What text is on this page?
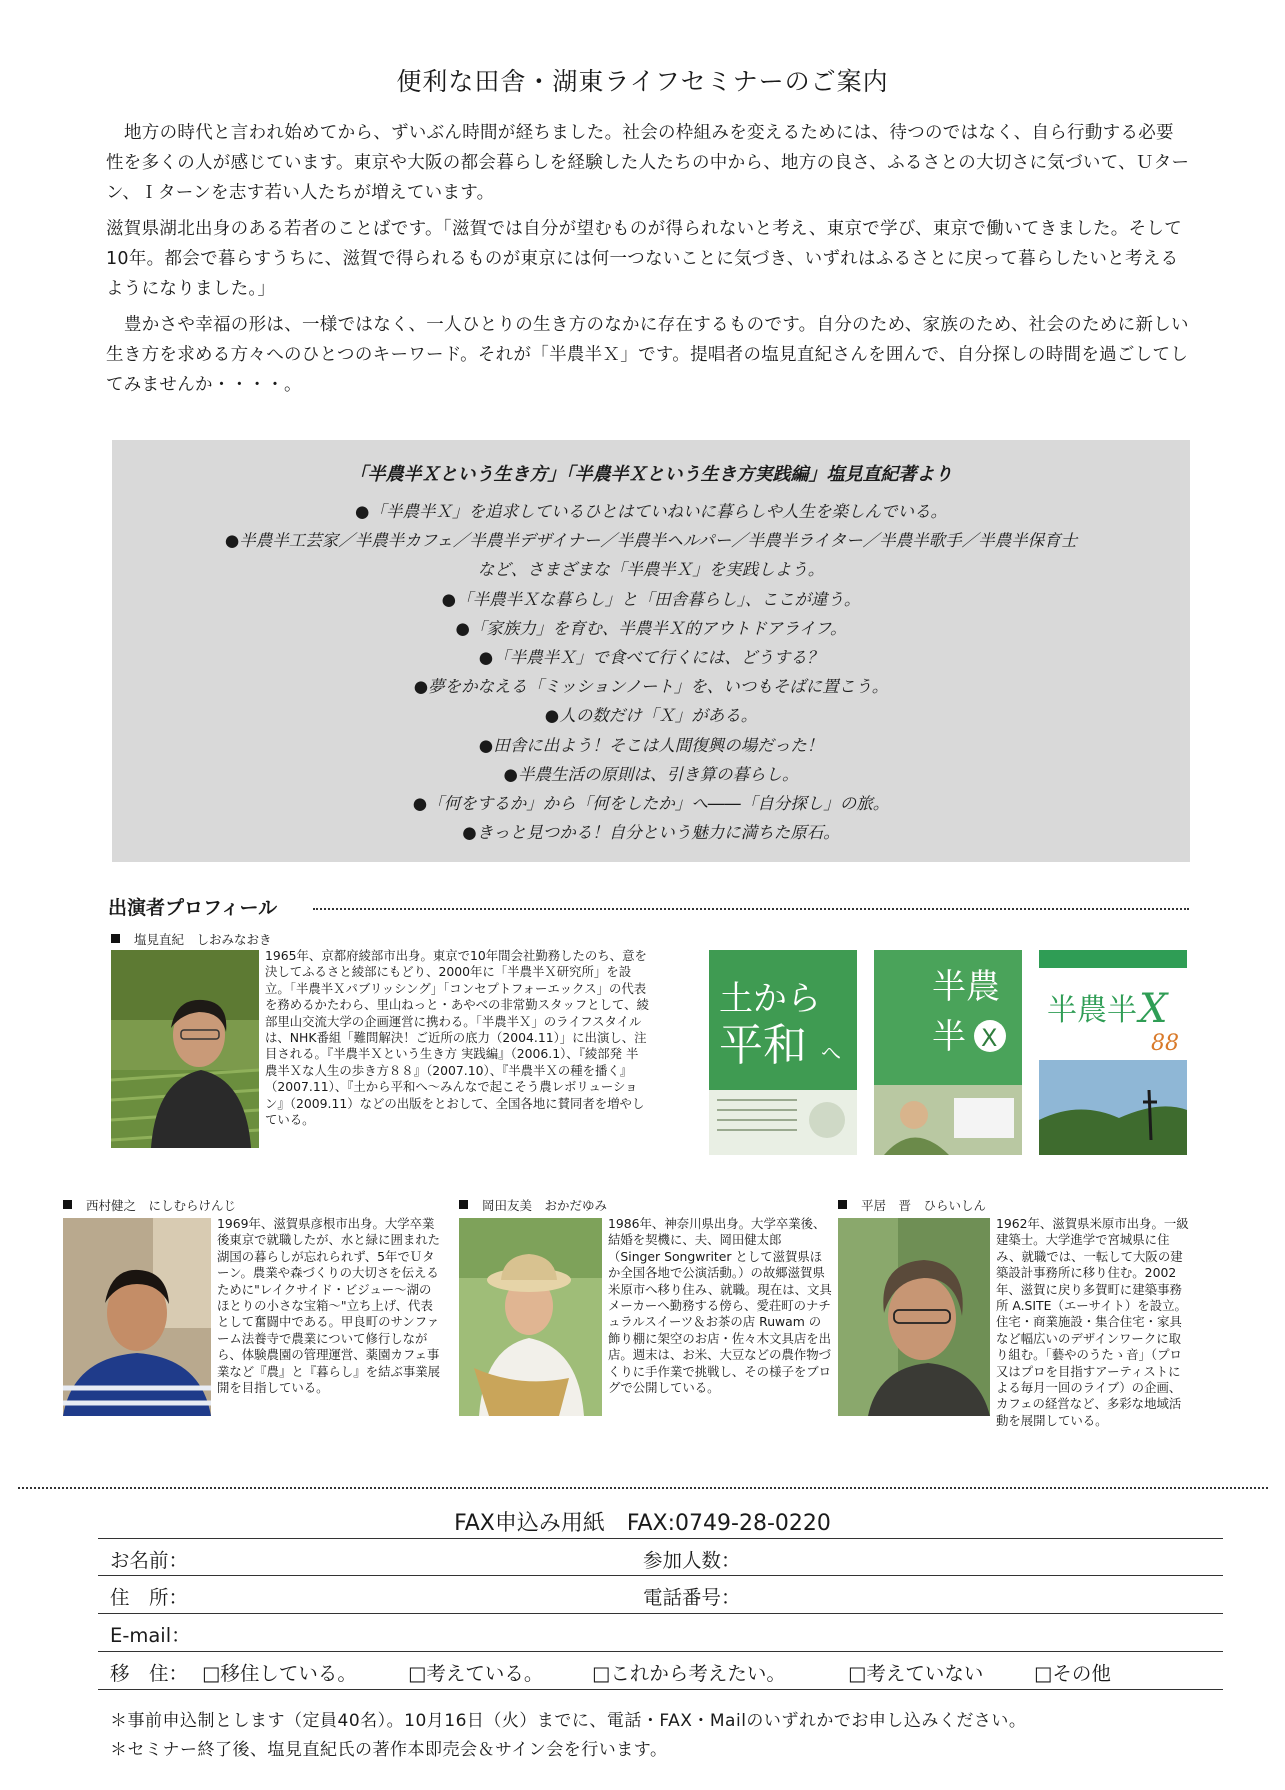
便利な田舎・湖東ライフセミナーのご案内

地方の時代と言われ始めてから、ずいぶん時間が経ちました。社会の枠組みを変えるためには、待つのではなく、自ら行動する必要性を多くの人が感じています。東京や大阪の都会暮らしを経験した人たちの中から、地方の良さ、ふるさとの大切さに気づいて、Ｕターン、Ｉターンを志す若い人たちが増えています。

滋賀県湖北出身のある若者のことばです。「滋賀では自分が望むものが得られないと考え、東京で学び、東京で働いてきました。そして10年。都会で暮らすうちに、滋賀で得られるものが東京には何一つないことに気づき、いずれはふるさとに戻って暮らしたいと考えるようになりました。」

豊かさや幸福の形は、一様ではなく、一人ひとりの生き方のなかに存在するものです。自分のため、家族のため、社会のために新しい生き方を求める方々へのひとつのキーワード。それが「半農半Ｘ」です。提唱者の塩見直紀さんを囲んで、自分探しの時間を過ごしてしてみませんか・・・・。

「半農半Ｘという生き方」「半農半Ｘという生き方実践編」塩見直紀著より
●「半農半Ｘ」を追求しているひとはていねいに暮らしや人生を楽しんでいる。
●半農半工芸家／半農半カフェ／半農半デザイナー／半農半ヘルパー／半農半ライター／半農半歌手／半農半保育士
など、さまざまな「半農半Ｘ」を実践しよう。
●「半農半Ｘな暮らし」と「田舎暮らし」、ここが違う。
●「家族力」を育む、半農半Ｘ的アウトドアライフ。
●「半農半Ｘ」で食べて行くには、どうする？
●夢をかなえる「ミッションノート」を、いつもそばに置こう。
●人の数だけ「Ｘ」がある。
●田舎に出よう！そこは人間復興の場だった！
●半農生活の原則は、引き算の暮らし。
●「何をするか」から「何をしたか」へ――「自分探し」の旅。
●きっと見つかる！自分という魅力に満ちた原石。
出演者プロフィール
塩見直紀　しおみなおき
1965年、京都府綾部市出身。東京で10年間会社勤務したのち、意を決してふるさと綾部にもどり、2000年に「半農半Ｘ研究所」を設立。「半農半Ｘパブリッシング」「コンセプトフォーエックス」の代表を務めるかたわら、里山ねっと・あやべの非常勤スタッフとして、綾部里山交流大学の企画運営に携わる。「半農半Ｘ」のライフスタイルは、NHK番組「難問解決！ご近所の底力（2004.11）」に出演し、注目される。『半農半Ｘという生き方 実践編』（2006.1）、『綾部発 半農半Ｘな人生の歩き方８８』（2007.10）、『半農半Ｘの種を播く』（2007.11）、『土から平和へ～みんなで起こそう農レボリューション』（2009.11）などの出版をとおして、全国各地に賛同者を増やしている。
土から
平和 へ
半農
半 X
半農半 X
88
西村健之　にしむらけんじ
1969年、滋賀県彦根市出身。大学卒業後東京で就職したが、水と緑に囲まれた湖国の暮らしが忘れられず、5年でＵターン。農業や森づくりの大切さを伝えるために"レイクサイド・ビジュー～湖のほとりの小さな宝箱～"立ち上げ、代表として奮闘中である。甲良町のサンファーム法養寺で農業について修行しながら、体験農園の管理運営、薬園カフェ事業など『農』と『暮らし』を結ぶ事業展開を目指している。
岡田友美　おかだゆみ
1986年、神奈川県出身。大学卒業後、結婚を契機に、夫、岡田健太郎（Singer Songwriter として滋賀県ほか全国各地で公演活動。）の故郷滋賀県米原市へ移り住み、就職。現在は、文具メーカーへ勤務する傍ら、愛荘町のナチュラルスイーツ＆お茶の店 Ruwam の飾り棚に架空のお店・佐々木文具店を出店。週末は、お米、大豆などの農作物づくりに手作業で挑戦し、その様子をブログで公開している。
平居　晋　ひらいしん
1962年、滋賀県米原市出身。一級建築士。大学進学で宮城県に住み、就職では、一転して大阪の建築設計事務所に移り住む。2002年、滋賀に戻り多賀町に建築事務所 A.SITE（エーサイト）を設立。住宅・商業施設・集合住宅・家具など幅広いのデザインワークに取り組む。「藝やのうたゝ音」（プロ又はプロを目指すアーティストによる毎月一回のライブ）の企画、カフェの経営など、多彩な地域活動を展開している。
FAX申込み用紙　FAX:0749-28-0220
お名前：	参加人数：
住　所：	電話番号：
E-mail：
移　住： □移住している。	□考えている。 □これから考えたい。	□考えていない	□その他
＊事前申込制とします（定員40名）。10月16日（火）までに、電話・FAX・Mailのいずれかでお申し込みください。
＊セミナー終了後、塩見直紀氏の著作本即売会＆サイン会を行います。
